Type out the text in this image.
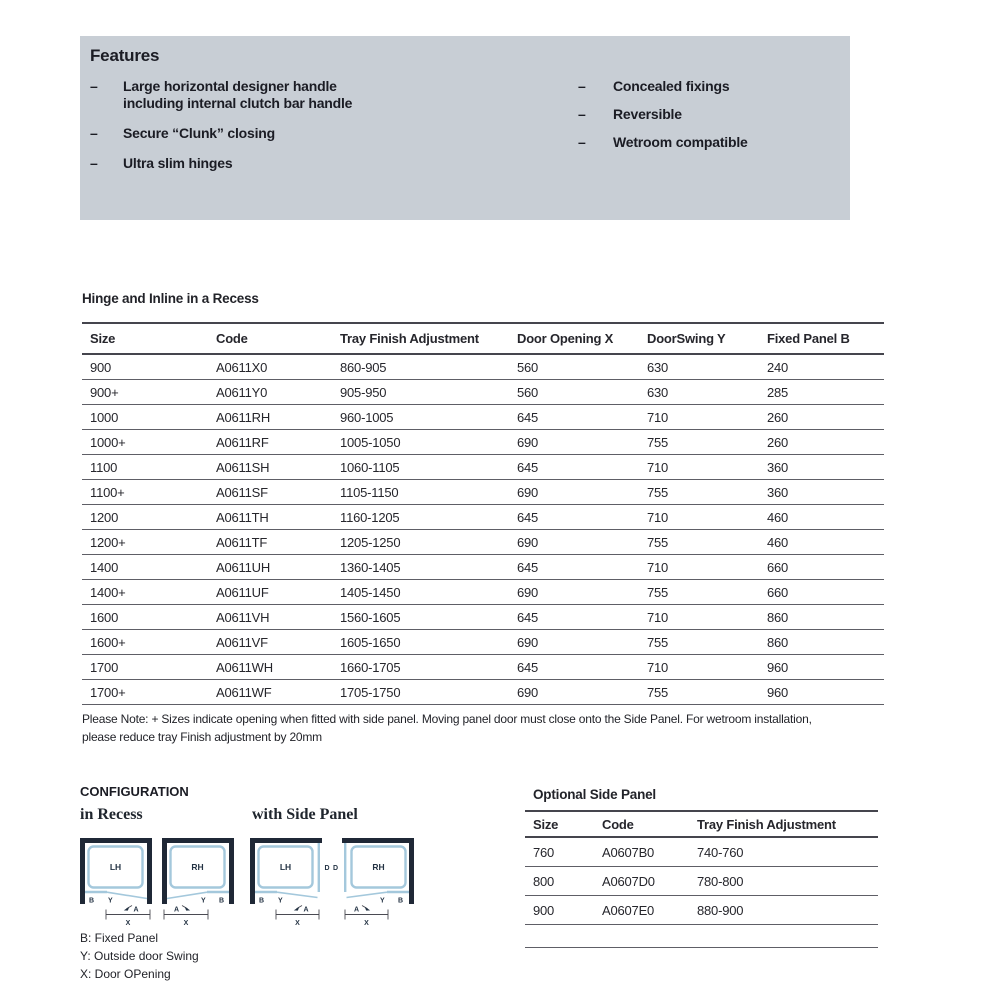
Features
–	Large horizontal designer handle
including internal clutch bar handle
–	Secure “Clunk” closing
–	Ultra slim hinges
–	Concealed fixings
–	Reversible
–	Wetroom compatible
Hinge and Inline in a Recess
Size	Code	Tray Finish Adjustment	Door Opening X	DoorSwing Y	Fixed Panel B
900	A0611X0	860-905	560	630	240
900+	A0611Y0	905-950	560	630	285
1000	A0611RH	960-1005	645	710	260
1000+	A0611RF	1005-1050	690	755	260
1100	A0611SH	1060-1105	645	710	360
1100+	A0611SF	1105-1150	690	755	360
1200	A0611TH	1160-1205	645	710	460
1200+	A0611TF	1205-1250	690	755	460
1400	A0611UH	1360-1405	645	710	660
1400+	A0611UF	1405-1450	690	755	660
1600	A0611VH	1560-1605	645	710	860
1600+	A0611VF	1605-1650	690	755	860
1700	A0611WH	1660-1705	645	710	960
1700+	A0611WF	1705-1750	690	755	960
Please Note: + Sizes indicate opening when fitted with side panel. Moving panel door must close onto the Side Panel. For wetroom installation,
please reduce tray Finish adjustment by 20mm
CONFIGURATION
in Recess	with Side Panel
LH
B Y
A
X
RH
B
Y
A
X
D
LH
B Y
A
X
D	RH
B
Y
A
X
B: Fixed Panel
Y: Outside door Swing
X: Door OPening
Optional Side Panel
Size	Code	Tray Finish Adjustment
760	A0607B0	740-760
800	A0607D0	780-800
900	A0607E0	880-900
